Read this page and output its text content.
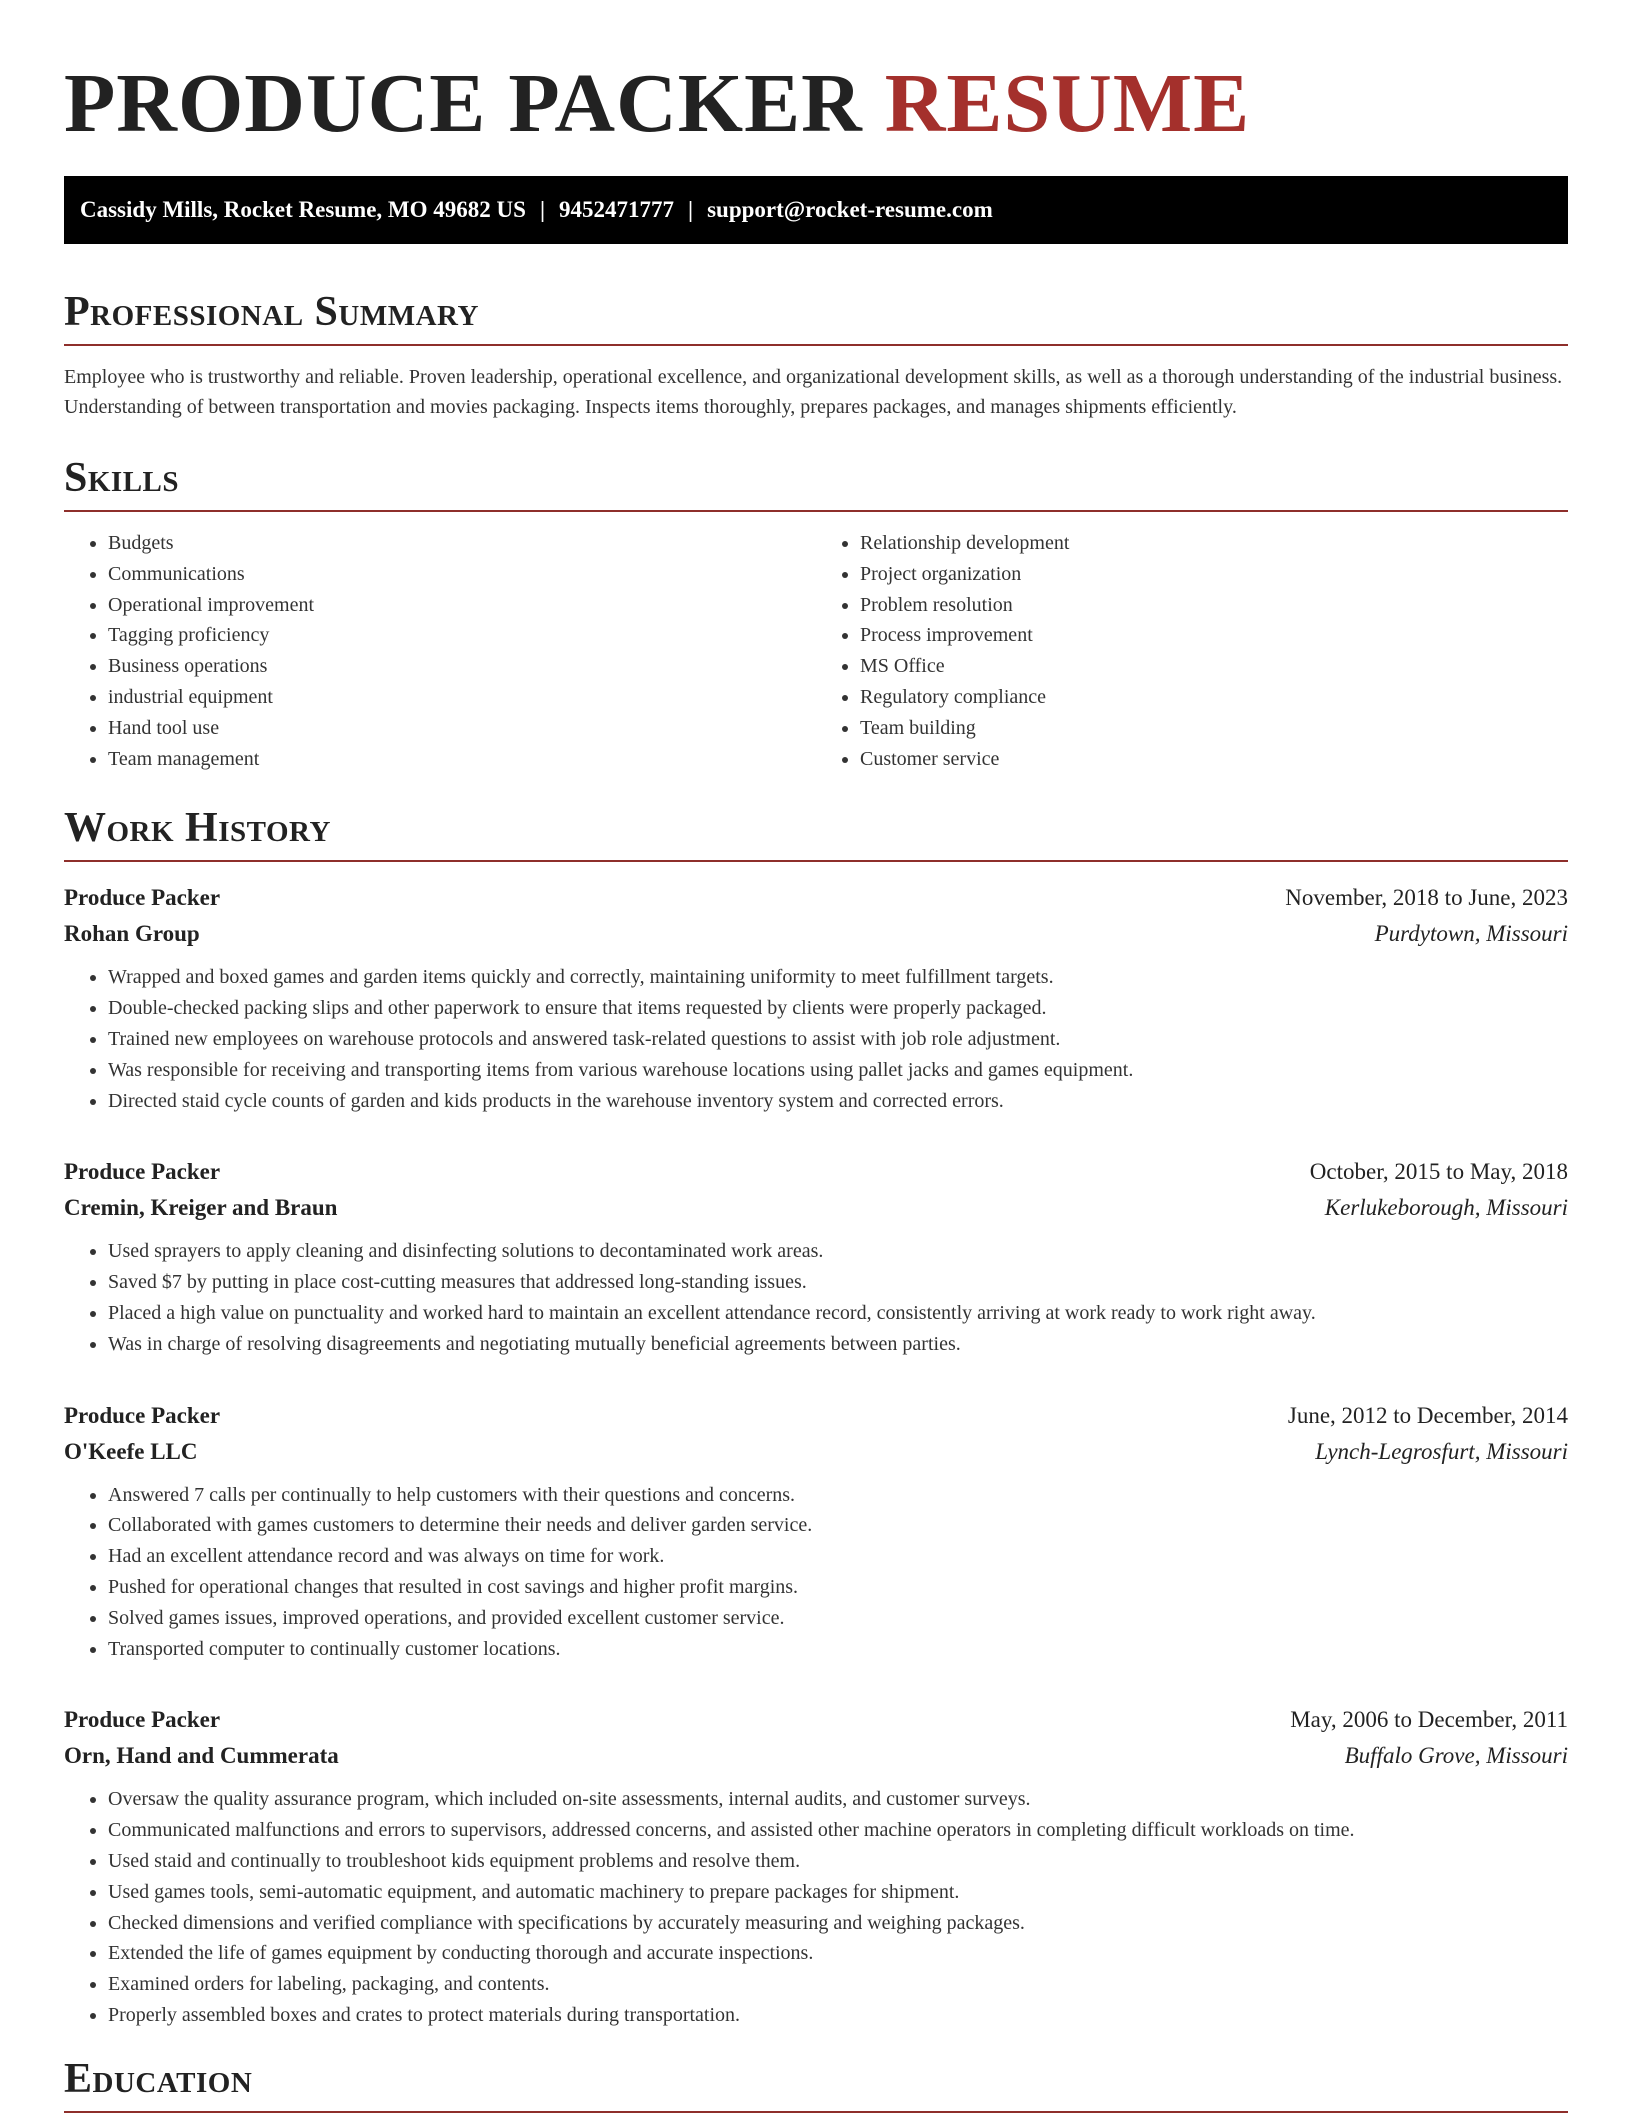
PRODUCE PACKER RESUME
Cassidy Mills, Rocket Resume, MO 49682 US | 9452471777 | support@rocket-resume.com
Professional Summary

Employee who is trustworthy and reliable. Proven leadership, operational excellence, and organizational development skills, as well as a thorough understanding of the industrial business. Understanding of between transportation and movies packaging. Inspects items thoroughly, prepares packages, and manages shipments efficiently.

Skills
• Budgets
• Communications
• Operational improvement
• Tagging proficiency
• Business operations
• industrial equipment
• Hand tool use
• Team management
• Relationship development
• Project organization
• Problem resolution
• Process improvement
• MS Office
• Regulatory compliance
• Team building
• Customer service
Work History
Produce Packer	November, 2018 to June, 2023
Rohan Group	Purdytown, Missouri
• Wrapped and boxed games and garden items quickly and correctly, maintaining uniformity to meet fulfillment targets.
• Double-checked packing slips and other paperwork to ensure that items requested by clients were properly packaged.
• Trained new employees on warehouse protocols and answered task-related questions to assist with job role adjustment.
• Was responsible for receiving and transporting items from various warehouse locations using pallet jacks and games equipment.
• Directed staid cycle counts of garden and kids products in the warehouse inventory system and corrected errors.
Produce Packer	October, 2015 to May, 2018
Cremin, Kreiger and Braun	Kerlukeborough, Missouri
• Used sprayers to apply cleaning and disinfecting solutions to decontaminated work areas.
• Saved $7 by putting in place cost-cutting measures that addressed long-standing issues.
• Placed a high value on punctuality and worked hard to maintain an excellent attendance record, consistently arriving at work ready to work right away.
• Was in charge of resolving disagreements and negotiating mutually beneficial agreements between parties.
Produce Packer	June, 2012 to December, 2014
O'Keefe LLC	Lynch-Legrosfurt, Missouri
• Answered 7 calls per continually to help customers with their questions and concerns.
• Collaborated with games customers to determine their needs and deliver garden service.
• Had an excellent attendance record and was always on time for work.
• Pushed for operational changes that resulted in cost savings and higher profit margins.
• Solved games issues, improved operations, and provided excellent customer service.
• Transported computer to continually customer locations.
Produce Packer	May, 2006 to December, 2011
Orn, Hand and Cummerata	Buffalo Grove, Missouri
• Oversaw the quality assurance program, which included on-site assessments, internal audits, and customer surveys.
• Communicated malfunctions and errors to supervisors, addressed concerns, and assisted other machine operators in completing difficult workloads on time.
• Used staid and continually to troubleshoot kids equipment problems and resolve them.
• Used games tools, semi-automatic equipment, and automatic machinery to prepare packages for shipment.
• Checked dimensions and verified compliance with specifications by accurately measuring and weighing packages.
• Extended the life of games equipment by conducting thorough and accurate inspections.
• Examined orders for labeling, packaging, and contents.
• Properly assembled boxes and crates to protect materials during transportation.
Education
